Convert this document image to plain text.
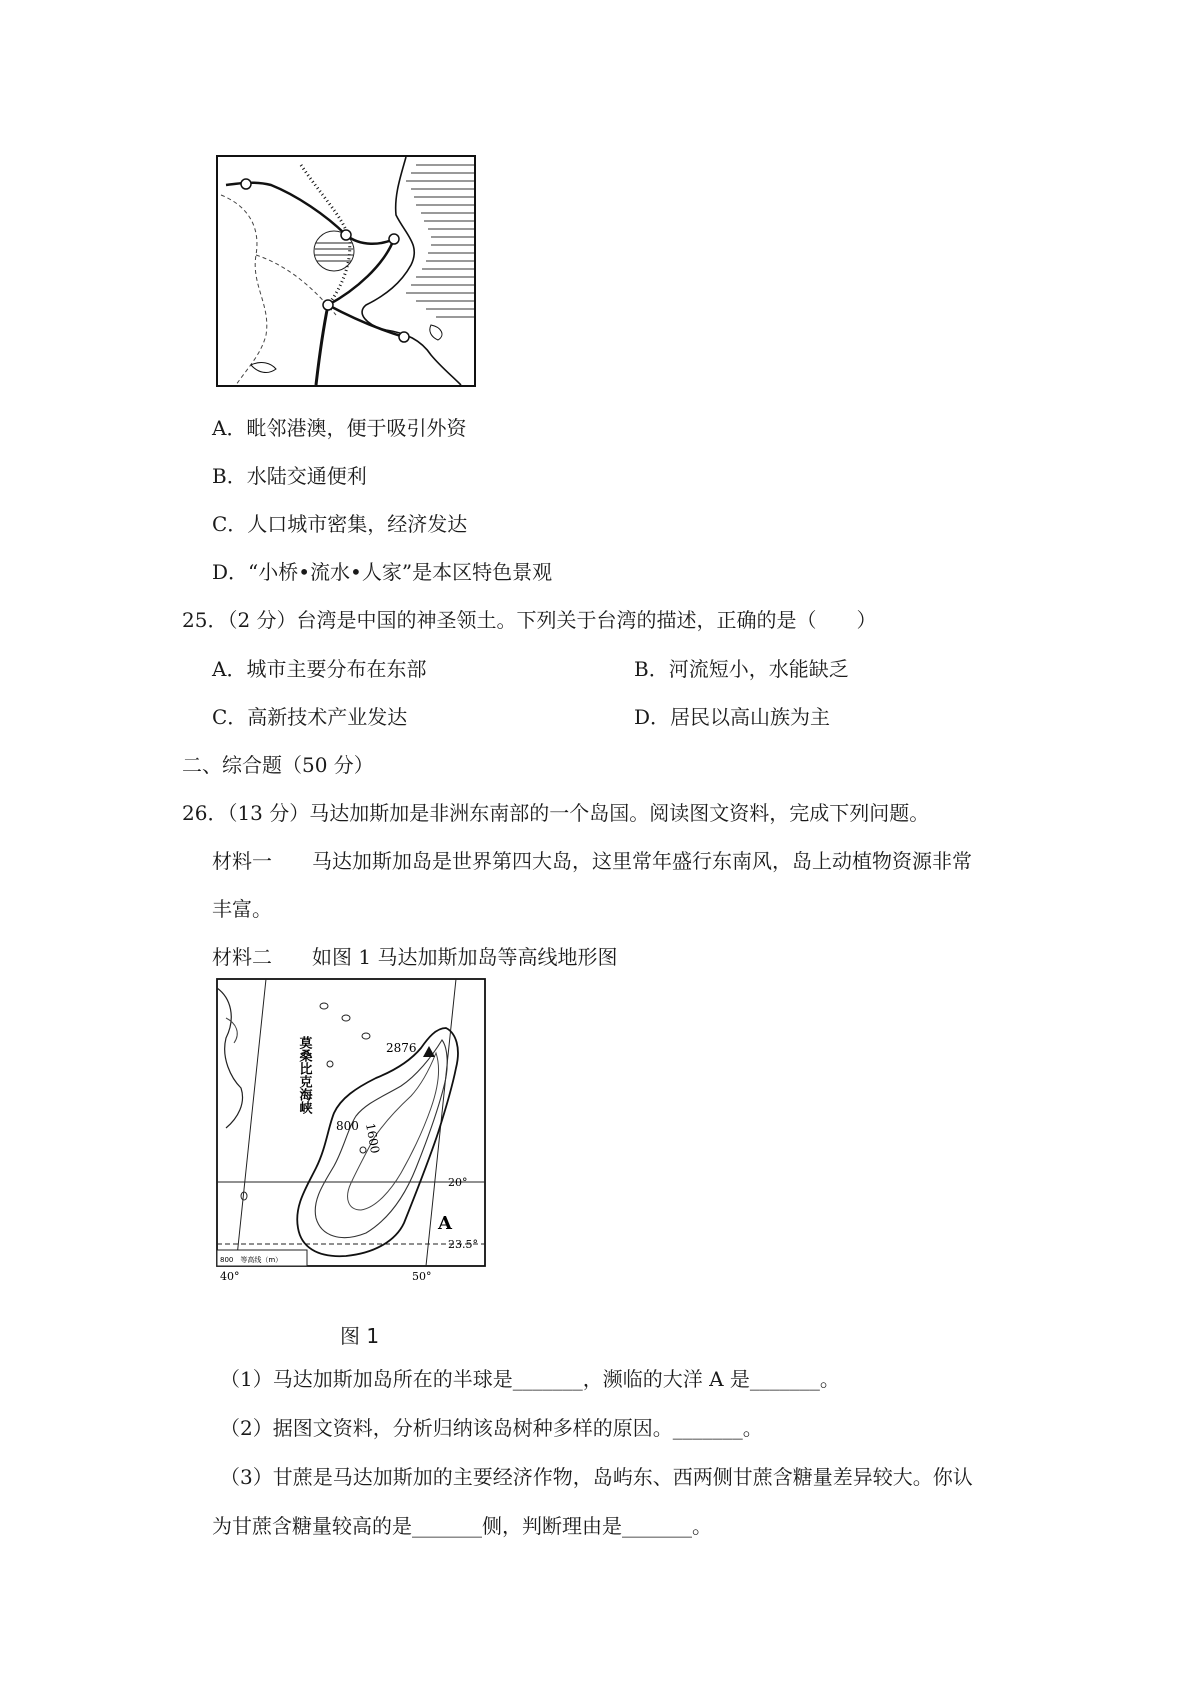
A．毗邻港澳，便于吸引外资
B．水陆交通便利
C．人口城市密集，经济发达
D．“小桥•流水•人家”是本区特色景观
25．（2 分）台湾是中国的神圣领土。下列关于台湾的描述，正确的是（　　）
A．城市主要分布在东部	B．河流短小，水能缺乏
C．高新技术产业发达	D．居民以高山族为主
二、综合题（50 分）
26．（13 分）马达加斯加是非洲东南部的一个岛国。阅读图文资料，完成下列问题。
材料一　　马达加斯加岛是世界第四大岛，这里常年盛行东南风，岛上动植物资源非常
丰富。
材料二　　如图 1 马达加斯加岛等高线地形图
2876
800 1600
A
20°
23.5°
40°	50°
莫桑比克海峡
800　等高线（m）
图 1
（1）马达加斯加岛所在的半球是_______，濒临的大洋 A 是_______。
（2）据图文资料，分析归纳该岛树种多样的原因。_______。
（3）甘蔗是马达加斯加的主要经济作物，岛屿东、西两侧甘蔗含糖量差异较大。你认
为甘蔗含糖量较高的是_______侧，判断理由是_______。
